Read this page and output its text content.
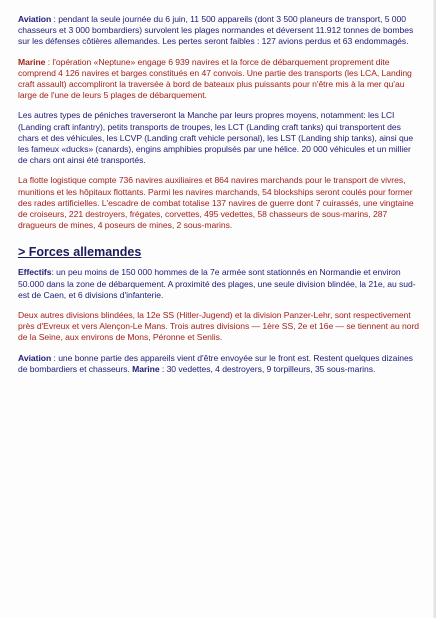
Aviation : pendant la seule journée du 6 juin, 11 500 appareils (dont 3 500 planeurs de transport, 5 000 chasseurs et 3 000 bombardiers) survolent les plages normandes et déversent 11.912 tonnes de bombes sur les défenses côtières allemandes. Les pertes seront faibles : 127 avions perdus et 63 endommagés.

Marine : l'opération «Neptune» engage 6 939 navires et la force de débarquement proprement dite comprend 4 126 navires et barges constitués en 47 convois. Une partie des transports (les LCA, Landing craft assault) accompliront la traversée à bord de bateaux plus puissants pour n'être mis à la mer qu'au large de l'une de leurs 5 plages de débarquement.

Les autres types de péniches traverseront la Manche par leurs propres moyens, notamment: les LCI (Landing craft infantry), petits transports de troupes, les LCT (Landing craft tanks) qui transportent des chars et des véhicules, les LCVP (Landing craft vehicle personal), les LST (Landing ship tanks), ainsi que les fameux «ducks» (canards), engins amphibies propulsés par une hélice. 20 000 véhicules et un millier de chars ont ainsi été transportés.

La flotte logistique compte 736 navires auxiliaires et 864 navires marchands pour le transport de vivres, munitions et les hôpitaux flottants. Parmi les navires marchands, 54 blockships seront coulés pour former des rades artificielles. L'escadre de combat totalise 137 navires de guerre dont 7 cuirassés, une vingtaine de croiseurs, 221 destroyers, frégates, corvettes, 495 vedettes, 58 chasseurs de sous-marins, 287 dragueurs de mines, 4 poseurs de mines, 2 sous-marins.

> Forces allemandes

Effectifs: un peu moins de 150 000 hommes de la 7e armée sont stationnés en Normandie et environ 50.000 dans la zone de débarquement. A proximité des plages, une seule division blindée, la 21e, au sud-est de Caen, et 6 divisions d'infanterie.

Deux autres divisions blindées, la 12e SS (Hitler-Jugend) et la division Panzer-Lehr, sont respectivement près d'Evreux et vers Alençon-Le Mans. Trois autres divisions — 1ère SS, 2e et 16e — se tiennent au nord de la Seine, aux environs de Mons, Péronne et Senlis.

Aviation : une bonne partie des appareils vient d'être envoyée sur le front est. Restent quelques dizaines de bombardiers et chasseurs. Marine : 30 vedettes, 4 destroyers, 9 torpilleurs, 35 sous-marins.
